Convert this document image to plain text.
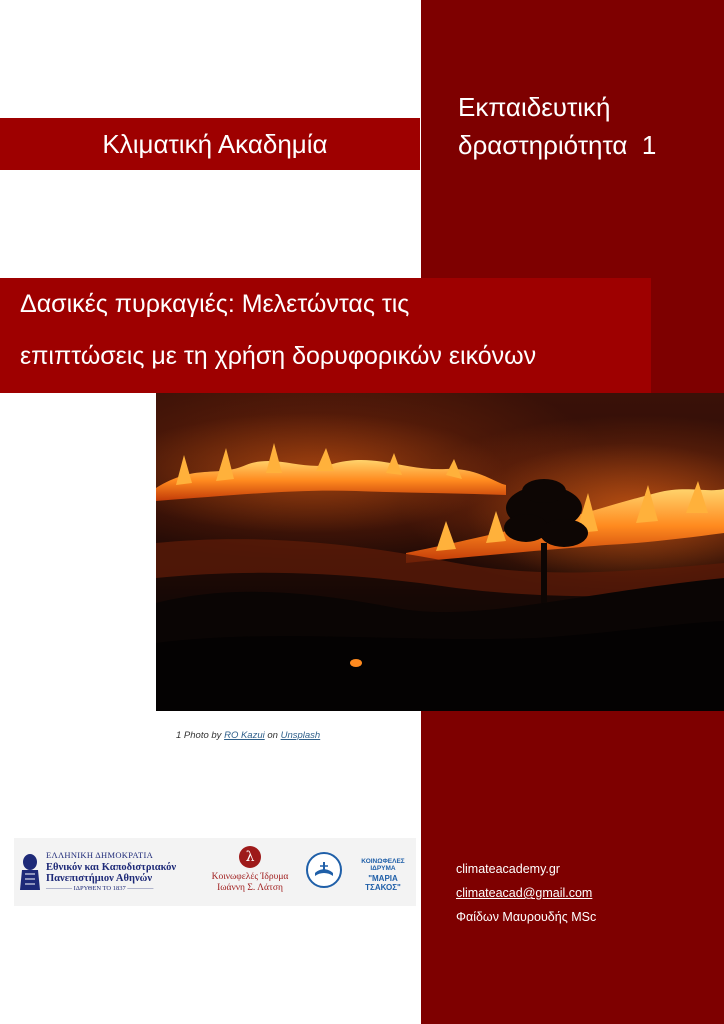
Εκπαιδευτική
δραστηριότητα  1
Κλιματική Ακαδημία
Δασικές πυρκαγιές: Μελετώντας τις
επιπτώσεις με τη χρήση δορυφορικών εικόνων
1 Photo by RO Kazui on Unsplash
ΕΛΛΗΝΙΚΗ ΔΗΜΟΚΡΑΤΙΑ
Εθνικόν και Καποδιστριακόν
Πανεπιστήμιον Αθηνών
———— ΙΔΡΥΘΕΝ ΤΟ 1837 ————
λ
Κοινωφελές Ίδρυμα
Ιωάννη Σ. Λάτση
ΚΟΙΝΩΦΕΛΕΣ ΙΔΡΥΜΑ
"ΜΑΡΙΑ ΤΣΑΚΟΣ"
climateacademy.gr
climateacad@gmail.com
Φαίδων Μαυρουδής MSc
